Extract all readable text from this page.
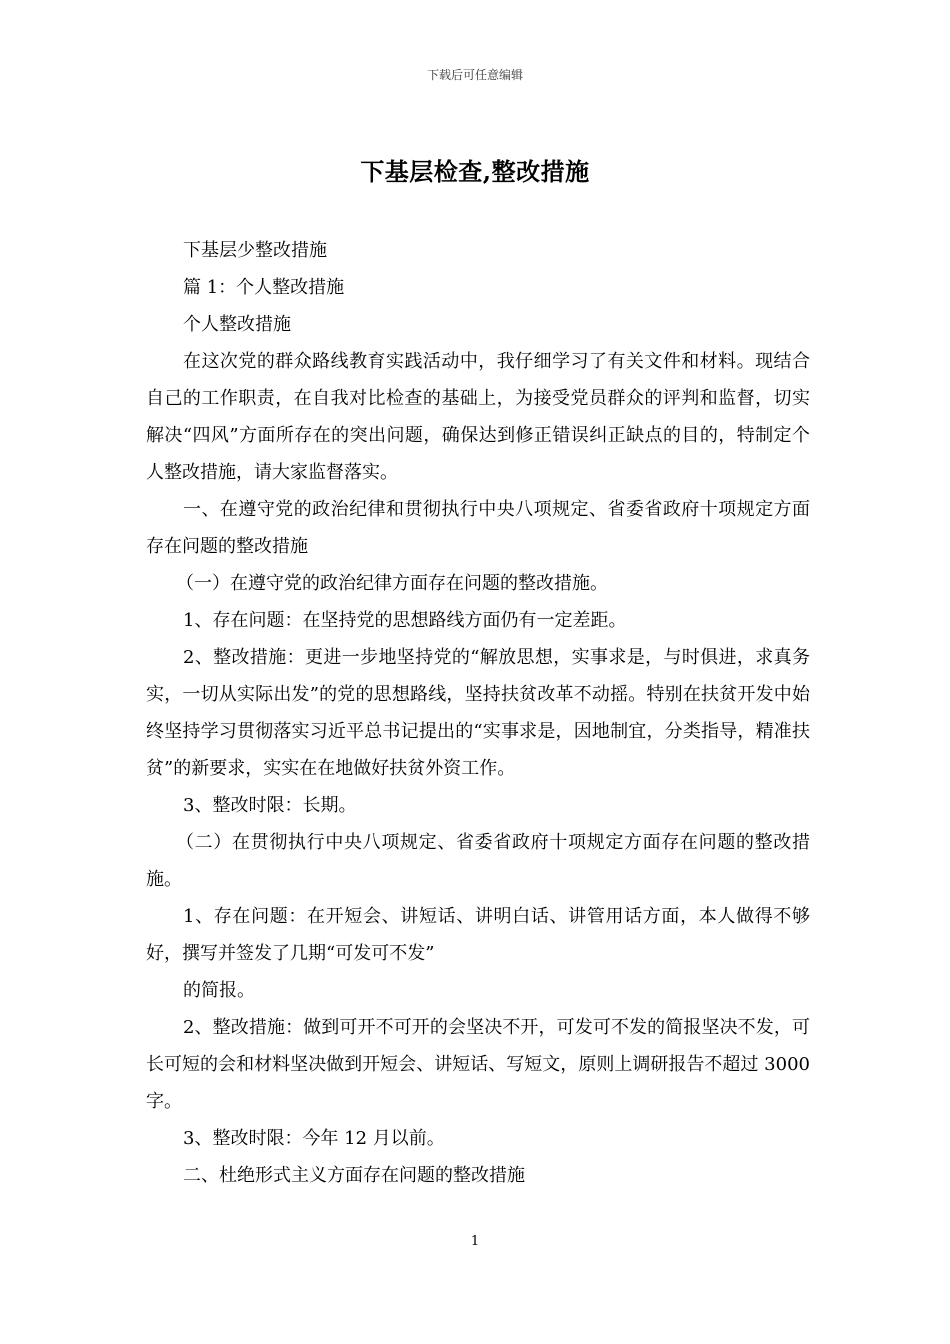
下载后可任意编辑
下基层检查,整改措施

下基层少整改措施

篇 1：个人整改措施

个人整改措施

在这次党的群众路线教育实践活动中，我仔细学习了有关文件和材料。现结合自己的工作职责，在自我对比检查的基础上，为接受党员群众的评判和监督，切实解决“四风”方面所存在的突出问题，确保达到修正错误纠正缺点的目的，特制定个人整改措施，请大家监督落实。

一、在遵守党的政治纪律和贯彻执行中央八项规定、省委省政府十项规定方面存在问题的整改措施

（一）在遵守党的政治纪律方面存在问题的整改措施。

1、存在问题：在坚持党的思想路线方面仍有一定差距。

2、整改措施：更进一步地坚持党的“解放思想，实事求是，与时俱进，求真务实，一切从实际出发”的党的思想路线，坚持扶贫改革不动摇。特别在扶贫开发中始终坚持学习贯彻落实习近平总书记提出的“实事求是，因地制宜，分类指导，精准扶贫”的新要求，实实在在地做好扶贫外资工作。

3、整改时限：长期。

（二）在贯彻执行中央八项规定、省委省政府十项规定方面存在问题的整改措施。

1、存在问题：在开短会、讲短话、讲明白话、讲管用话方面，本人做得不够好，撰写并签发了几期“可发可不发”

的简报。

2、整改措施：做到可开不可开的会坚决不开，可发可不发的简报坚决不发，可长可短的会和材料坚决做到开短会、讲短话、写短文，原则上调研报告不超过 3000 字。

3、整改时限：今年 12 月以前。

二、杜绝形式主义方面存在问题的整改措施

1
